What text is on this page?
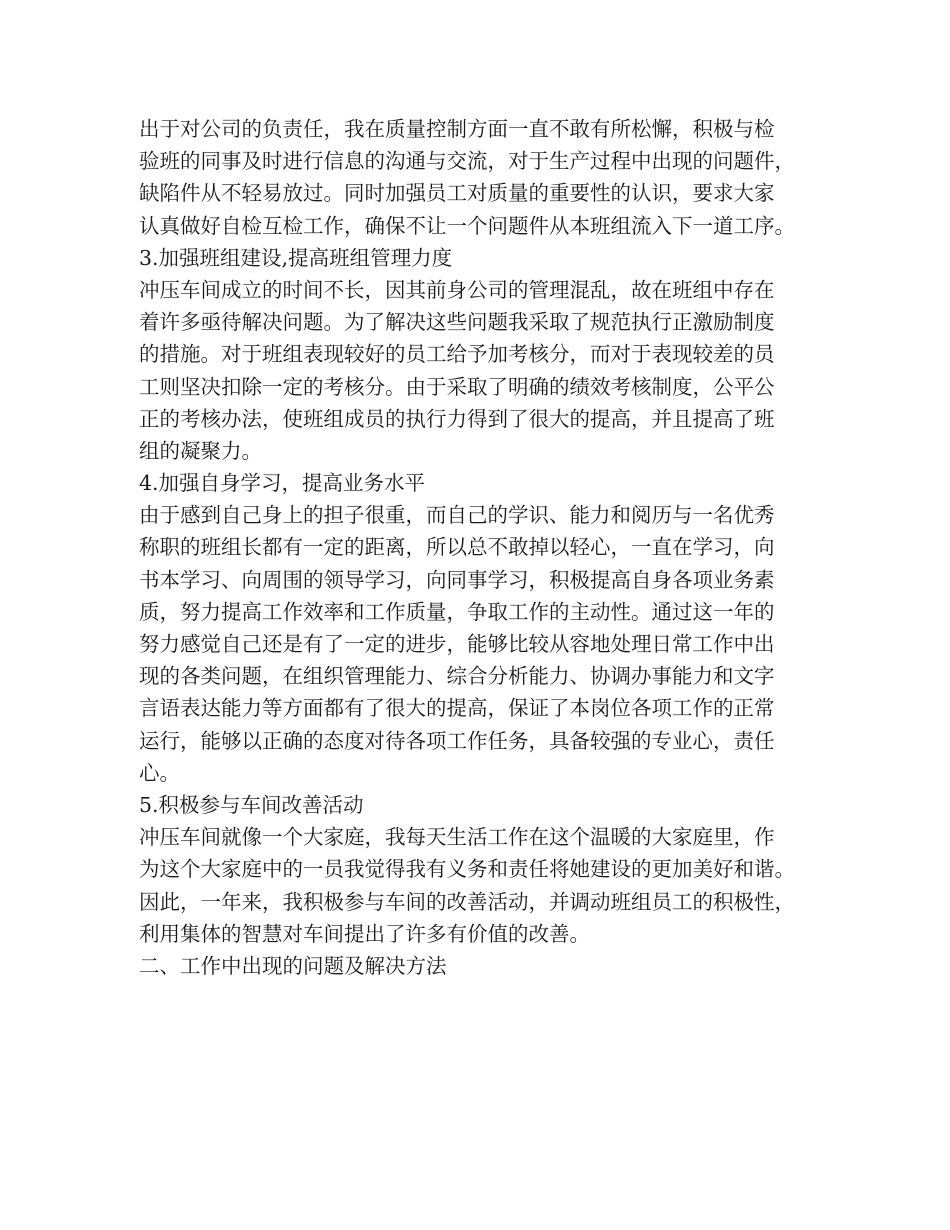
出于对公司的负责任，我在质量控制方面一直不敢有所松懈，积极与检
验班的同事及时进行信息的沟通与交流，对于生产过程中出现的问题件，
缺陷件从不轻易放过。同时加强员工对质量的重要性的认识，要求大家
认真做好自检互检工作，确保不让一个问题件从本班组流入下一道工序。
3.加强班组建设,提高班组管理力度
冲压车间成立的时间不长，因其前身公司的管理混乱，故在班组中存在
着许多亟待解决问题。为了解决这些问题我采取了规范执行正激励制度
的措施。对于班组表现较好的员工给予加考核分，而对于表现较差的员
工则坚决扣除一定的考核分。由于采取了明确的绩效考核制度，公平公
正的考核办法，使班组成员的执行力得到了很大的提高，并且提高了班
组的凝聚力。
4.加强自身学习，提高业务水平
由于感到自己身上的担子很重，而自己的学识、能力和阅历与一名优秀
称职的班组长都有一定的距离，所以总不敢掉以轻心，一直在学习，向
书本学习、向周围的领导学习，向同事学习，积极提高自身各项业务素
质，努力提高工作效率和工作质量，争取工作的主动性。通过这一年的
努力感觉自己还是有了一定的进步，能够比较从容地处理日常工作中出
现的各类问题，在组织管理能力、综合分析能力、协调办事能力和文字
言语表达能力等方面都有了很大的提高，保证了本岗位各项工作的正常
运行，能够以正确的态度对待各项工作任务，具备较强的专业心，责任
心。
5.积极参与车间改善活动
冲压车间就像一个大家庭，我每天生活工作在这个温暖的大家庭里，作
为这个大家庭中的一员我觉得我有义务和责任将她建设的更加美好和谐。
因此，一年来，我积极参与车间的改善活动，并调动班组员工的积极性，
利用集体的智慧对车间提出了许多有价值的改善。
二、工作中出现的问题及解决方法
